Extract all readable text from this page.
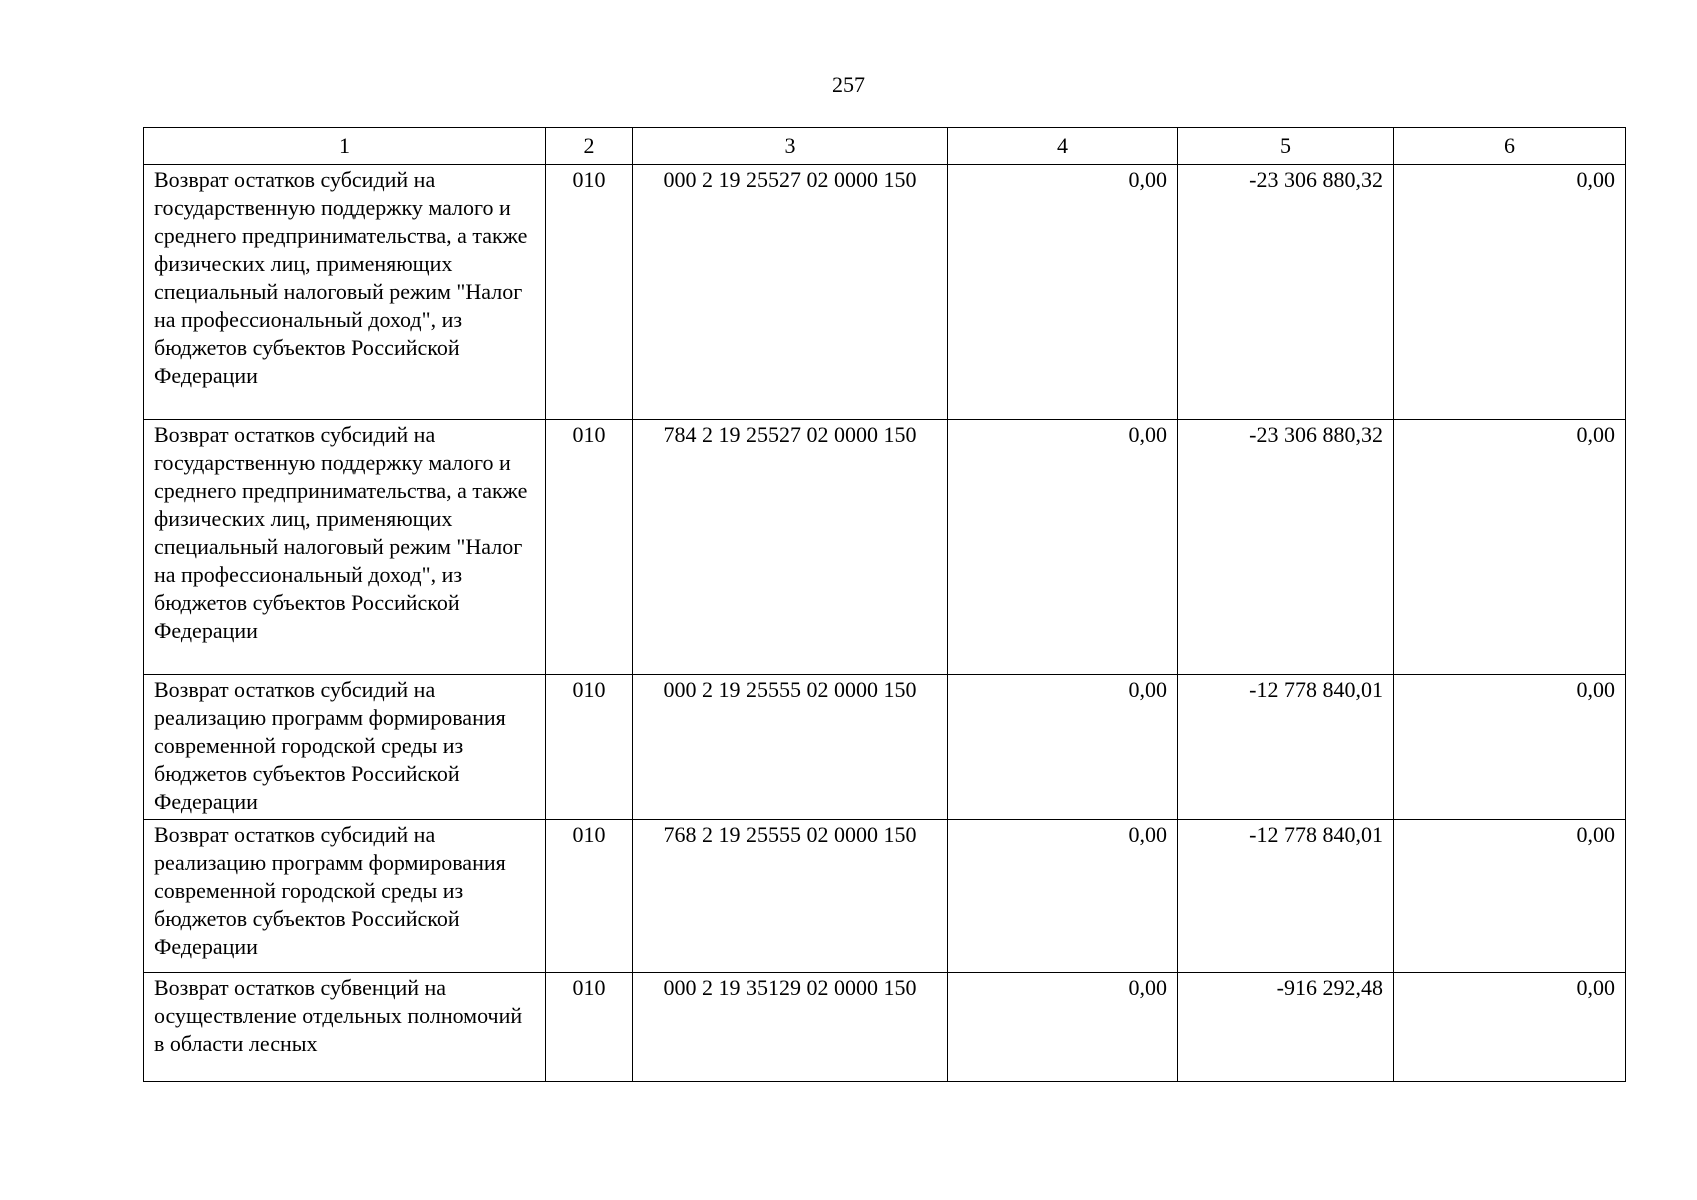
257
1	2	3	4	5	6

Возврат остатков субсидий на государственную поддержку малого и среднего предпринимательства, а также физических лиц, применяющих специальный налоговый режим "Налог на профессиональный доход", из бюджетов субъектов Российской Федерации	010	000 2 19 25527 02 0000 150	0,00	-23 306 880,32	0,00

Возврат остатков субсидий на государственную поддержку малого и среднего предпринимательства, а также физических лиц, применяющих специальный налоговый режим "Налог на профессиональный доход", из бюджетов субъектов Российской Федерации	010	784 2 19 25527 02 0000 150	0,00	-23 306 880,32	0,00

Возврат остатков субсидий на реализацию программ формирования современной городской среды из бюджетов субъектов Российской Федерации	010	000 2 19 25555 02 0000 150	0,00	-12 778 840,01	0,00

Возврат остатков субсидий на реализацию программ формирования современной городской среды из бюджетов субъектов Российской Федерации	010	768 2 19 25555 02 0000 150	0,00	-12 778 840,01	0,00

Возврат остатков субвенций на осуществление отдельных полномочий в области лесных	010	000 2 19 35129 02 0000 150	0,00	-916 292,48	0,00
